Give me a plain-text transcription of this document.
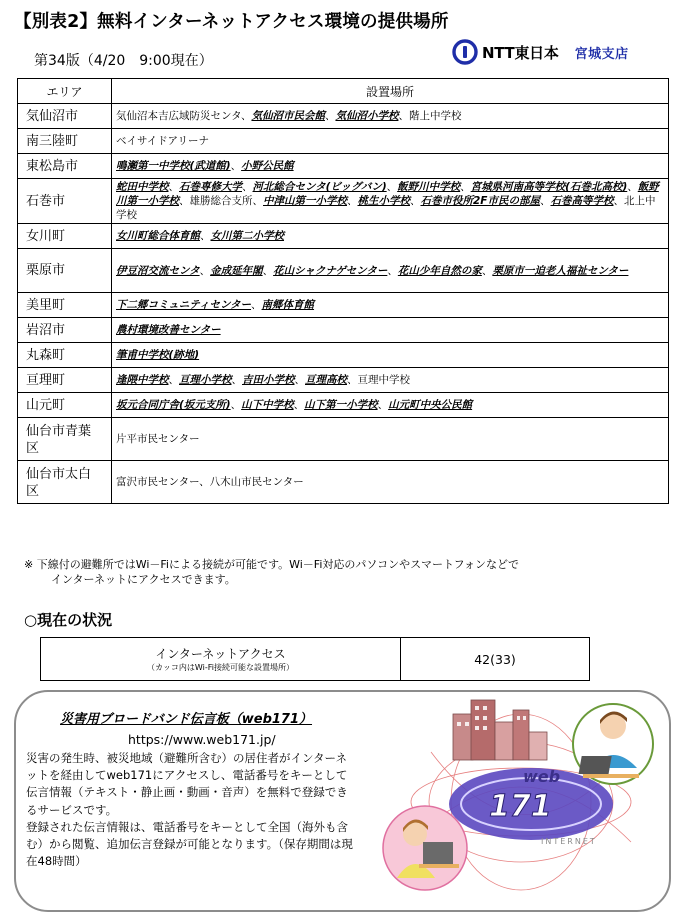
【別表2】無料インターネットアクセス環境の提供場所
第34版（4/20　9:00現在）	NTT東日本 宮城支店
エリア	設置場所
気仙沼市	気仙沼本吉広域防災センタ、気仙沼市民会館、気仙沼小学校、階上中学校
南三陸町	ベイサイドアリーナ
東松島市	鳴瀬第一中学校(武道館)、小野公民館
石巻市	蛇田中学校、石巻専修大学、河北総合センタ(ビッグバン)、飯野川中学校、宮城県河南高等学校(石巻北高校)、飯野川第一小学校、雄勝総合支所、中津山第一小学校、桃生小学校、石巻市役所2F市民の部屋、石巻高等学校、北上中学校
女川町	女川町総合体育館、女川第二小学校
栗原市	伊豆沼交流センタ、金成延年閣、花山シャクナゲセンター、花山少年自然の家、栗原市一迫老人福祉センター
美里町	下二郷コミュニティセンター、南郷体育館
岩沼市	農村環境改善センター
丸森町	筆甫中学校(跡地)
亘理町	逢隈中学校、亘理小学校、吉田小学校、亘理高校、亘理中学校
山元町	坂元合同庁舎(坂元支所)、山下中学校、山下第一小学校、山元町中央公民館
仙台市青葉区	片平市民センター
仙台市太白区	富沢市民センター、八木山市民センター
※ 下線付の避難所ではWi－Fiによる接続が可能です。Wi－Fi対応のパソコンやスマートフォンなどで
インターネットにアクセスできます。
○現在の状況
インターネットアクセス
（カッコ内はWi-Fi接続可能な設置場所）
	42(33)
災害用ブロードバンド伝言板（web171）
https://www.web171.jp/
災害の発生時、被災地域（避難所含む）の居住者がインターネットを経由してweb171にアクセスし、電話番号をキーとして伝言情報（テキスト・静止画・動画・音声）を無料で登録できるサービスです。
登録された伝言情報は、電話番号をキーとして全国（海外も含む）から閲覧、追加伝言登録が可能となります。（保存期間は現在48時間）
web
171
INTERNET
